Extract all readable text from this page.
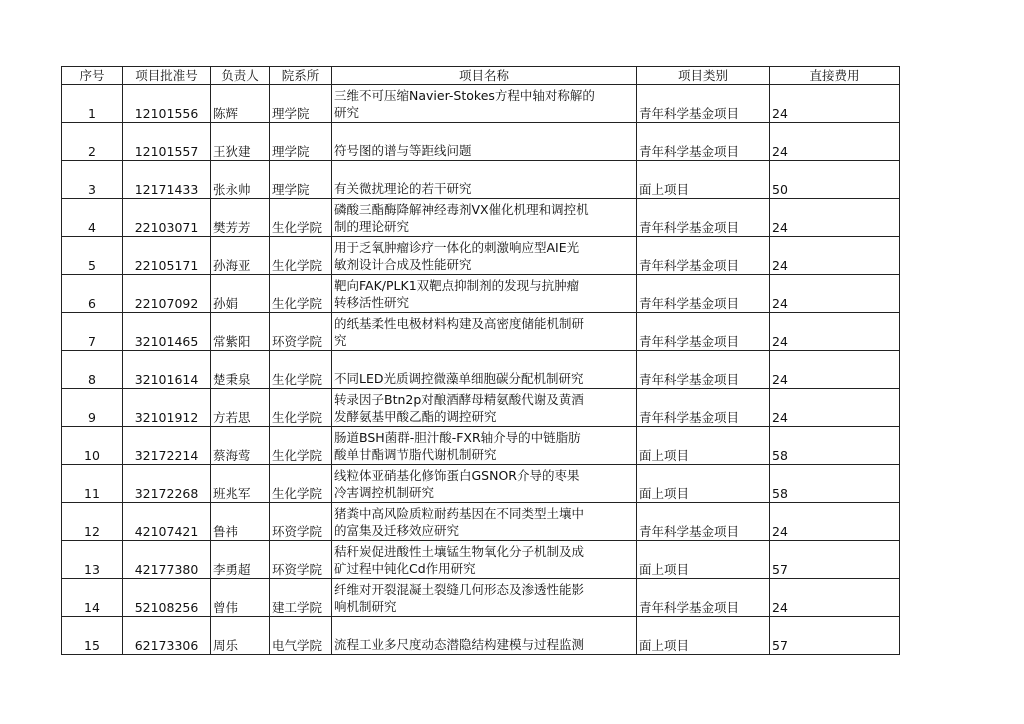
序号	项目批准号	负责人	院系所	项目名称	项目类别	直接费用
1	12101556	陈辉	理学院	三维不可压缩Navier-Stokes方程中轴对称解的
研究	青年科学基金项目	24
2	12101557	王狄建	理学院	符号图的谱与等距线问题	青年科学基金项目	24
3	12171433	张永帅	理学院	有关微扰理论的若干研究	面上项目	50
4	22103071	樊芳芳	生化学院	磷酸三酯酶降解神经毒剂VX催化机理和调控机
制的理论研究	青年科学基金项目	24
5	22105171	孙海亚	生化学院	用于乏氧肿瘤诊疗一体化的刺激响应型AIE光
敏剂设计合成及性能研究	青年科学基金项目	24
6	22107092	孙娟	生化学院	靶向FAK/PLK1双靶点抑制剂的发现与抗肿瘤
转移活性研究	青年科学基金项目	24
7	32101465	常紫阳	环资学院	的纸基柔性电极材料构建及高密度储能机制研
究	青年科学基金项目	24
8	32101614	楚秉泉	生化学院	不同LED光质调控微藻单细胞碳分配机制研究	青年科学基金项目	24
9	32101912	方若思	生化学院	转录因子Btn2p对酿酒酵母精氨酸代谢及黄酒
发酵氨基甲酸乙酯的调控研究	青年科学基金项目	24
10	32172214	蔡海莺	生化学院	肠道BSH菌群-胆汁酸-FXR轴介导的中链脂肪
酸单甘酯调节脂代谢机制研究	面上项目	58
11	32172268	班兆军	生化学院	线粒体亚硝基化修饰蛋白GSNOR介导的枣果
冷害调控机制研究	面上项目	58
12	42107421	鲁祎	环资学院	猪粪中高风险质粒耐药基因在不同类型土壤中
的富集及迁移效应研究	青年科学基金项目	24
13	42177380	李勇超	环资学院	秸秆炭促进酸性土壤锰生物氧化分子机制及成
矿过程中钝化Cd作用研究	面上项目	57
14	52108256	曾伟	建工学院	纤维对开裂混凝土裂缝几何形态及渗透性能影
响机制研究	青年科学基金项目	24
15	62173306	周乐	电气学院	流程工业多尺度动态潜隐结构建模与过程监测	面上项目	57
